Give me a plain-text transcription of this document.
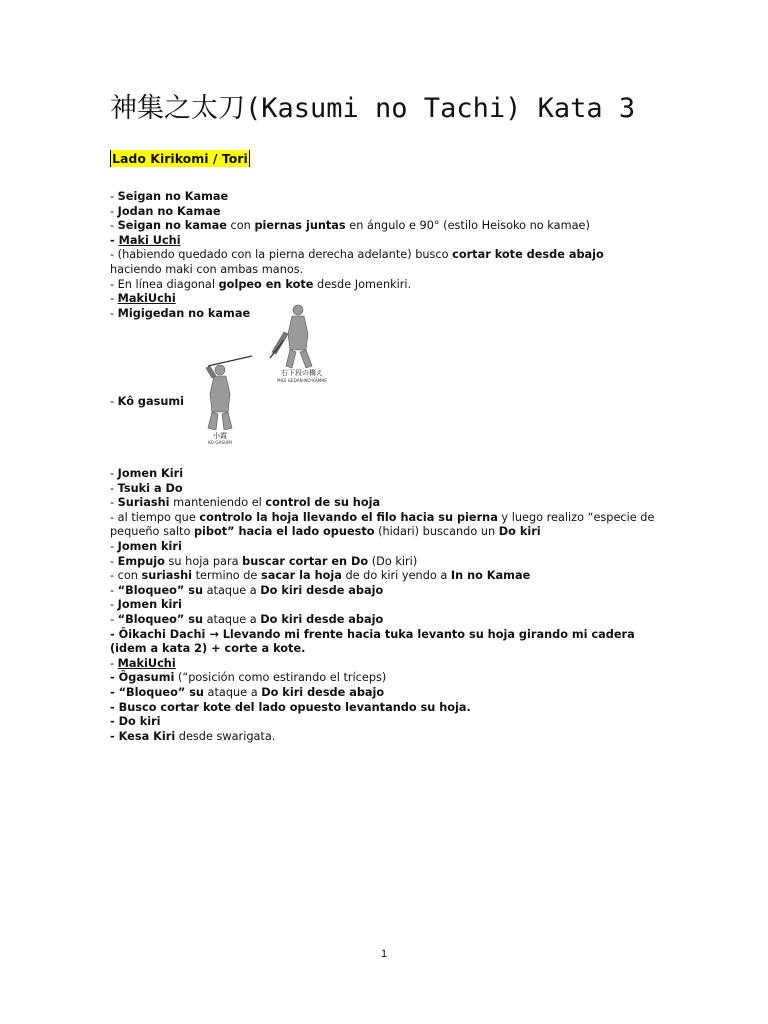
神集之太刀(Kasumi no Tachi) Kata 3
Lado Kirikomi / Tori
- Seigan no Kamae
- Jodan no Kamae
- Seigan no kamae con piernas juntas en ángulo e 90° (estilo Heisoko no kamae)
- Maki Uchi
- (habiendo quedado con la pierna derecha adelante) busco cortar kote desde abajo haciendo maki con ambas manos.
- En línea diagonal golpeo en kote desde Jomenkiri.
- MakiUchi
- Migigedan no kamae
右下段の構え
MIGI GEDAN-NO-KAMAE
小霞
KO GASUMI
- Kô gasumi
- Jomen Kiri
- Tsuki a Do
- Suriashi manteniendo el control de su hoja
- al tiempo que controlo la hoja llevando el filo hacia su pierna y luego realizo “especie de pequeño salto pibot” hacia el lado opuesto (hidari) buscando un Do kiri
- Jomen kiri
- Empujo su hoja para buscar cortar en Do (Do kiri)
- con suriashi termino de sacar la hoja de do kiri yendo a In no Kamae
- “Bloqueo” su ataque a Do kiri desde abajo
- Jomen kiri
- “Bloqueo” su ataque a Do kiri desde abajo
- Ôikachi Dachi → Llevando mi frente hacia tuka levanto su hoja girando mi cadera (idem a kata 2) + corte a kote.
- MakiUchi
- Ôgasumi (“posición como estirando el tríceps)
- “Bloqueo” su ataque a Do kiri desde abajo
- Busco cortar kote del lado opuesto levantando su hoja.
- Do kiri
- Kesa Kiri desde swarigata.
1
